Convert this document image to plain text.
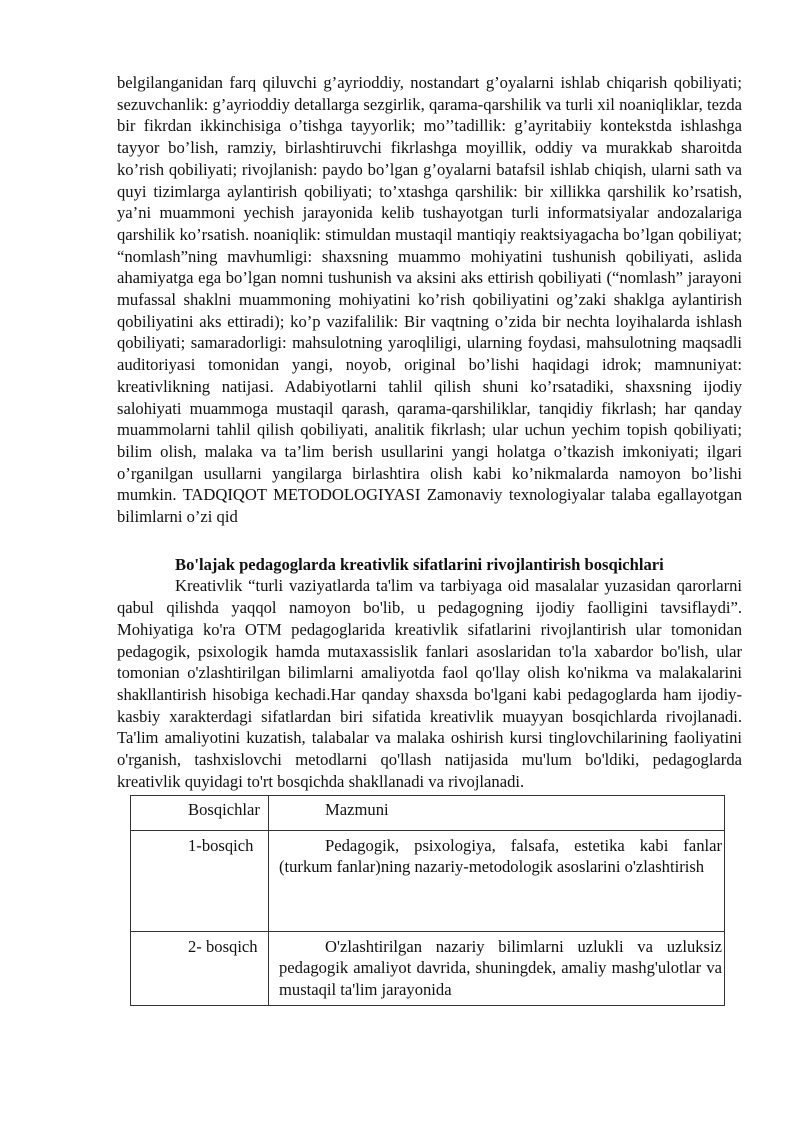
belgilanganidan farq qiluvchi g’ayrioddiy, nostandart g’oyalarni ishlab chiqarish qobiliyati; sezuvchanlik: g’ayrioddiy detallarga sezgirlik, qarama-qarshilik va turli xil noaniqliklar, tezda bir fikrdan ikkinchisiga o’tishga tayyorlik; mo’’tadillik: g’ayritabiiy kontekstda ishlashga tayyor bo’lish, ramziy, birlashtiruvchi fikrlashga moyillik, oddiy va murakkab sharoitda ko’rish qobiliyati; rivojlanish: paydo bo’lgan g’oyalarni batafsil ishlab chiqish, ularni sath va quyi tizimlarga aylantirish qobiliyati; to’xtashga qarshilik: bir xillikka qarshilik ko’rsatish, ya’ni muammoni yechish jarayonida kelib tushayotgan turli informatsiyalar andozalariga qarshilik ko’rsatish. noaniqlik: stimuldan mustaqil mantiqiy reaktsiyagacha bo’lgan qobiliyat; “nomlash”ning mavhumligi: shaxsning muammo mohiyatini tushunish qobiliyati, aslida ahamiyatga ega bo’lgan nomni tushunish va aksini aks ettirish qobiliyati (“nomlash” jarayoni mufassal shaklni muammoning mohiyatini ko’rish qobiliyatini og’zaki shaklga aylantirish qobiliyatini aks ettiradi); ko’p vazifalilik: Bir vaqtning o’zida bir nechta loyihalarda ishlash qobiliyati; samaradorligi: mahsulotning yaroqliligi, ularning foydasi, mahsulotning maqsadli auditoriyasi tomonidan yangi, noyob, original bo’lishi haqidagi idrok; mamnuniyat: kreativlikning natijasi. Adabiyotlarni tahlil qilish shuni ko’rsatadiki, shaxsning ijodiy salohiyati muammoga mustaqil qarash, qarama-qarshiliklar, tanqidiy fikrlash; har qanday muammolarni tahlil qilish qobiliyati, analitik fikrlash; ular uchun yechim topish qobiliyati; bilim olish, malaka va ta’lim berish usullarini yangi holatga o’tkazish imkoniyati; ilgari o’rganilgan usullarni yangilarga birlashtira olish kabi ko’nikmalarda namoyon bo’lishi mumkin. TADQIQOT METODOLOGIYASI Zamonaviy texnologiyalar talaba egallayotgan bilimlarni o’zi qid

Bo'lajak pedagoglarda kreativlik sifatlarini rivojlantirish bosqichlari

Kreativlik “turli vaziyatlarda ta'lim va tarbiyaga oid masalalar yuzasidan qarorlarni qabul qilishda yaqqol namoyon bo'lib, u pedagogning ijodiy faolligini tavsiflaydi”. Mohiyatiga ko'ra OTM pedagoglarida kreativlik sifatlarini rivojlantirish ular tomonidan pedagogik, psixologik hamda mutaxassislik fanlari asoslaridan to'la xabardor bo'lish, ular tomonian o'zlashtirilgan bilimlarni amaliyotda faol qo'llay olish ko'nikma va malakalarini shakllantirish hisobiga kechadi.Har qanday shaxsda bo'lgani kabi pedagoglarda ham ijodiy-kasbiy xarakterdagi sifatlardan biri sifatida kreativlik muayyan bosqichlarda rivojlanadi. Ta'lim amaliyotini kuzatish, talabalar va malaka oshirish kursi tinglovchilarining faoliyatini o'rganish, tashxislovchi metodlarni qo'llash natijasida mu'lum bo'ldiki, pedagoglarda kreativlik quyidagi to'rt bosqichda shakllanadi va rivojlanadi.

Bosqichlar	Mazmuni
1-bosqich	Pedagogik, psixologiya, falsafa, estetika kabi fanlar (turkum fanlar)ning nazariy-metodologik asoslarini o'zlashtirish
2- bosqich	O'zlashtirilgan nazariy bilimlarni uzlukli va uzluksiz pedagogik amaliyot davrida, shuningdek, amaliy mashg'ulotlar va mustaqil ta'lim jarayonida
